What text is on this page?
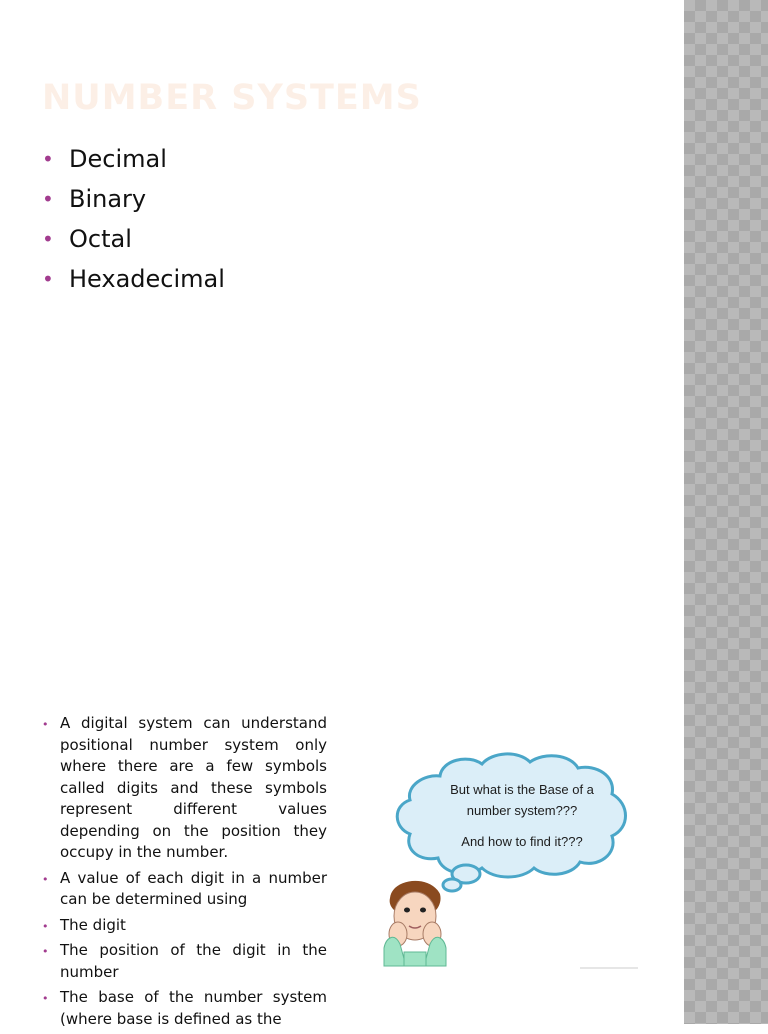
NUMBER SYSTEMS
• Decimal
• Binary
• Octal
• Hexadecimal
• A digital system can understand positional number system only where there are a few symbols called digits and these symbols represent different values depending on the position they occupy in the number.
• A value of each digit in a number can be determined using
• The digit
• The position of the digit in the number
• The base of the number system (where base is defined as the
But what is the Base of a
number system???
And how to find it???
